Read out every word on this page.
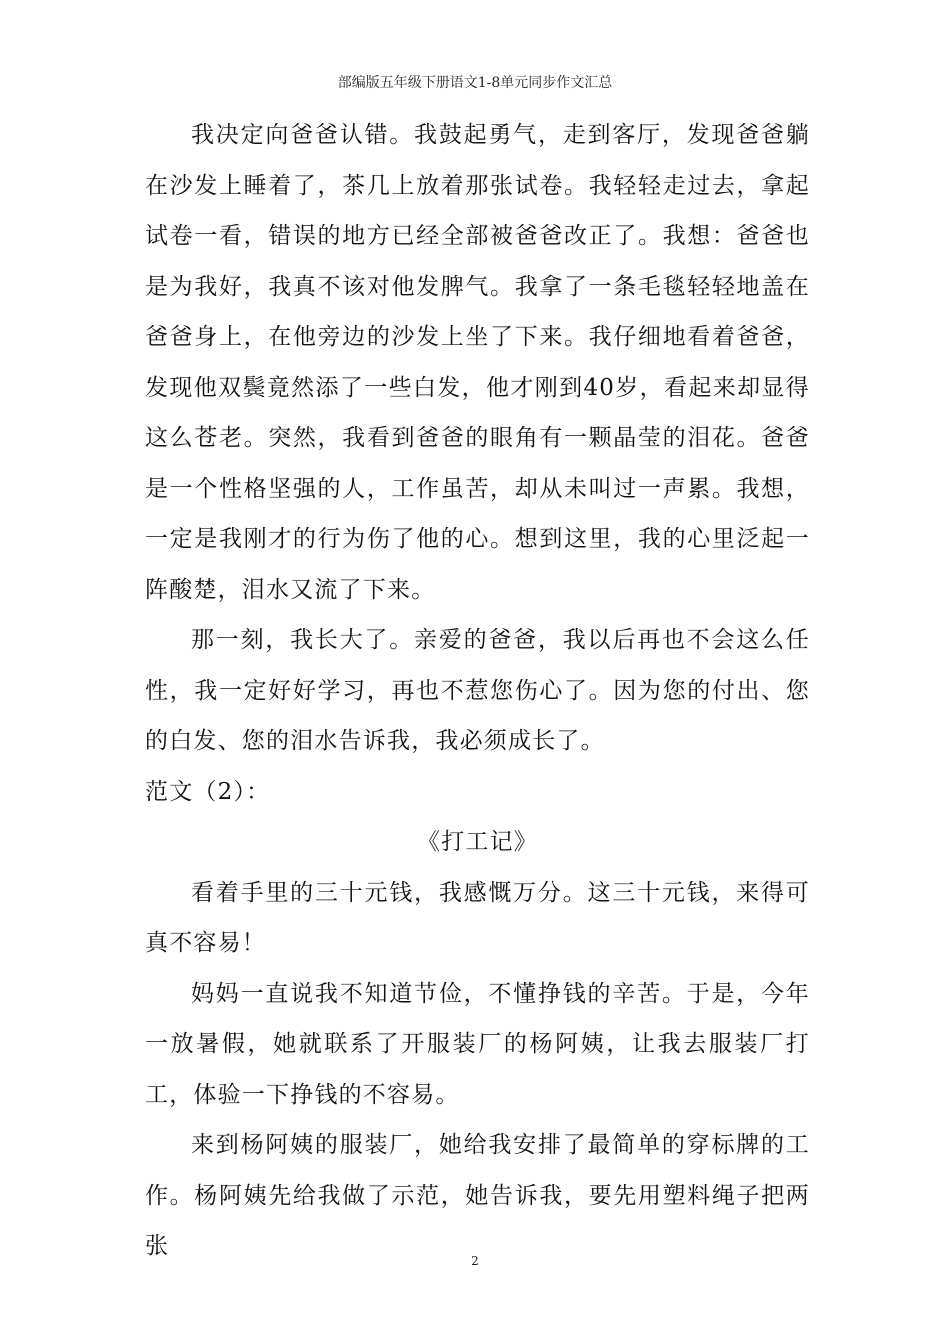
部编版五年级下册语文1-8单元同步作文汇总

我决定向爸爸认错。我鼓起勇气，走到客厅，发现爸爸躺在沙发上睡着了，茶几上放着那张试卷。我轻轻走过去，拿起试卷一看，错误的地方已经全部被爸爸改正了。我想：爸爸也是为我好，我真不该对他发脾气。我拿了一条毛毯轻轻地盖在爸爸身上，在他旁边的沙发上坐了下来。我仔细地看着爸爸，发现他双鬓竟然添了一些白发，他才刚到40岁，看起来却显得这么苍老。突然，我看到爸爸的眼角有一颗晶莹的泪花。爸爸是一个性格坚强的人，工作虽苦，却从未叫过一声累。我想，一定是我刚才的行为伤了他的心。想到这里，我的心里泛起一阵酸楚，泪水又流了下来。

那一刻，我长大了。亲爱的爸爸，我以后再也不会这么任性，我一定好好学习，再也不惹您伤心了。因为您的付出、您的白发、您的泪水告诉我，我必须成长了。

范文（2）：

《打工记》

看着手里的三十元钱，我感慨万分。这三十元钱，来得可真不容易！

妈妈一直说我不知道节俭，不懂挣钱的辛苦。于是，今年一放暑假，她就联系了开服装厂的杨阿姨，让我去服装厂打工，体验一下挣钱的不容易。

来到杨阿姨的服装厂，她给我安排了最简单的穿标牌的工作。杨阿姨先给我做了示范，她告诉我，要先用塑料绳子把两张

2
